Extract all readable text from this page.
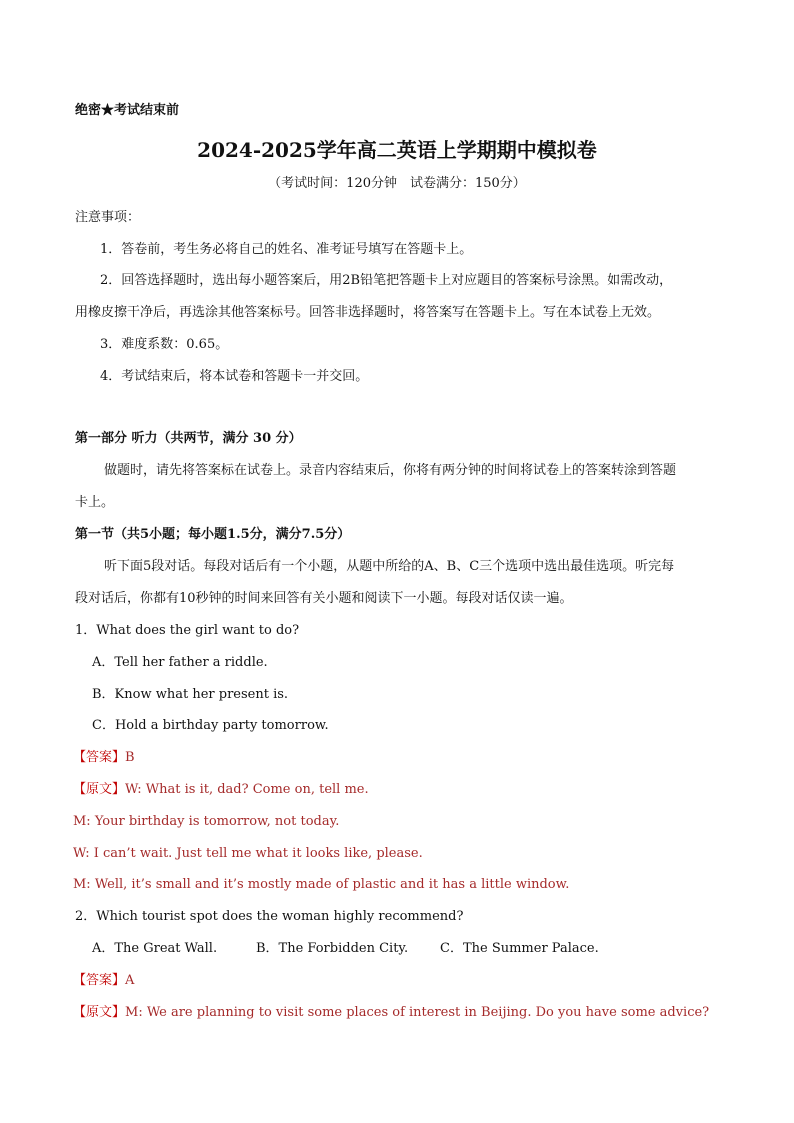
绝密★考试结束前
2024-2025学年高二英语上学期期中模拟卷
（考试时间：120分钟　试卷满分：150分）
注意事项：
1．答卷前，考生务必将自己的姓名、准考证号填写在答题卡上。
2．回答选择题时，选出每小题答案后，用2B铅笔把答题卡上对应题目的答案标号涂黑。如需改动，
用橡皮擦干净后，再选涂其他答案标号。回答非选择题时，将答案写在答题卡上。写在本试卷上无效。
3．难度系数：0.65。
4．考试结束后，将本试卷和答题卡一并交回。
第一部分 听力（共两节，满分 30 分）
做题时，请先将答案标在试卷上。录音内容结束后，你将有两分钟的时间将试卷上的答案转涂到答题
卡上。
第一节（共5小题；每小题1.5分，满分7.5分）
听下面5段对话。每段对话后有一个小题，从题中所给的A、B、C三个选项中选出最佳选项。听完每
段对话后，你都有10秒钟的时间来回答有关小题和阅读下一小题。每段对话仅读一遍。
1．What does the girl want to do?
A．Tell her father a riddle.
B．Know what her present is.
C．Hold a birthday party tomorrow.
【答案】B
【原文】W: What is it, dad? Come on, tell me.
M: Your birthday is tomorrow, not today.
W: I can’t wait. Just tell me what it looks like, please.
M: Well, it’s small and it’s mostly made of plastic and it has a little window.
2．Which tourist spot does the woman highly recommend?
A．The Great Wall.	B．The Forbidden City. C．The Summer Palace.
【答案】A
【原文】M: We are planning to visit some places of interest in Beijing. Do you have some advice?
